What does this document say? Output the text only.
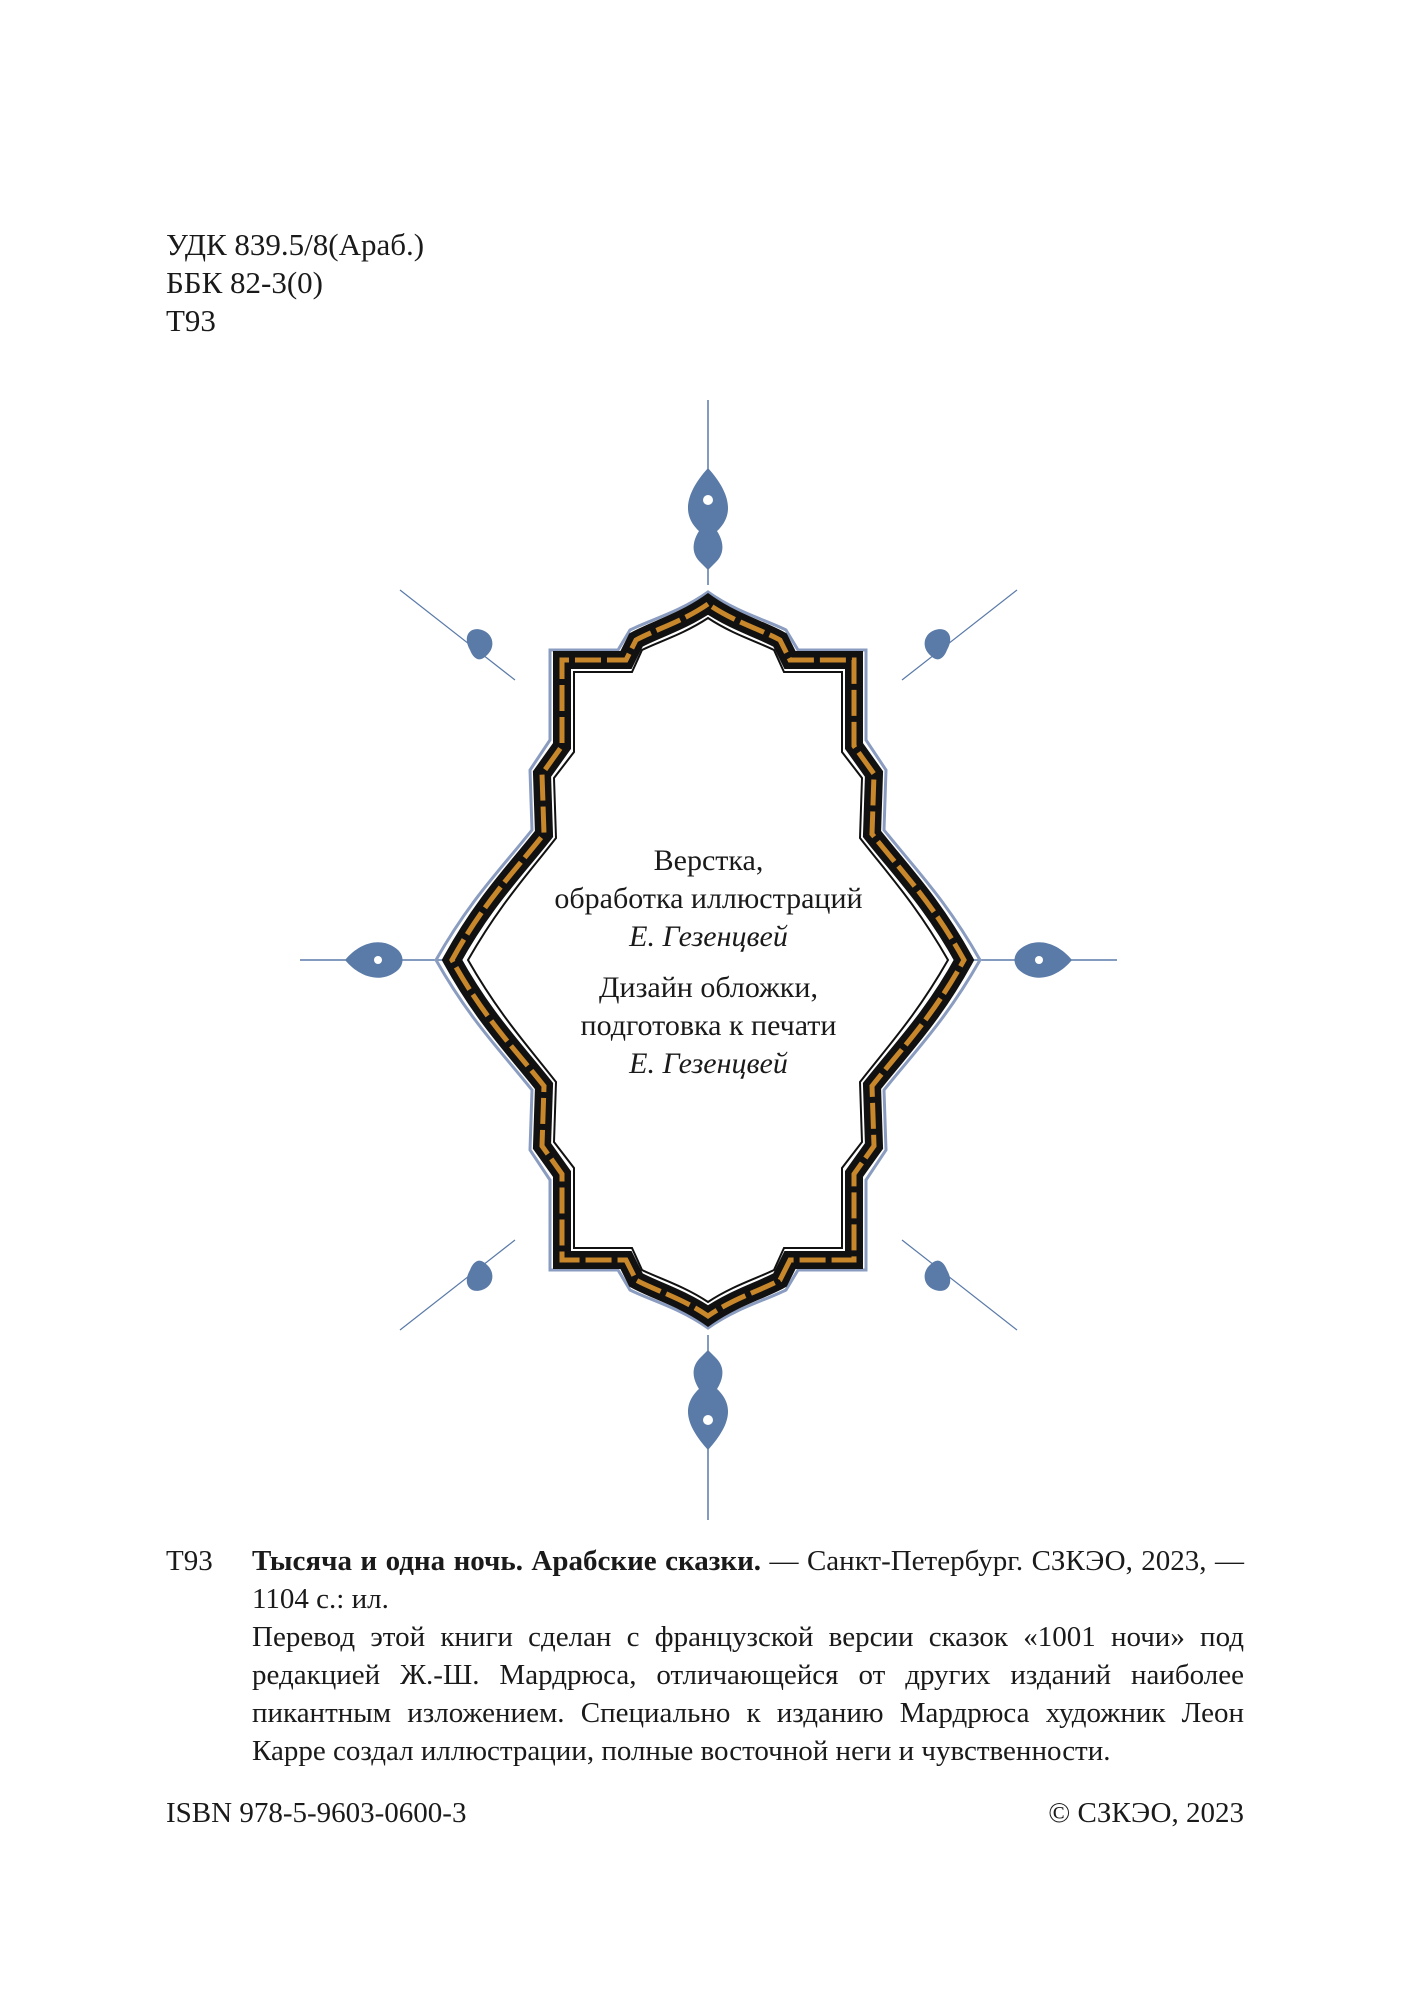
УДК 839.5/8(Араб.)
ББК 82-3(0)
Т93
Верстка,
обработка иллюстраций
Е. Гезенцвей
Дизайн обложки,
подготовка к печати
Е. Гезенцвей
Т93 Тысяча и одна ночь. Арабские сказки. — Санкт-Петербург. СЗКЭО, 2023, — 1104 с.: ил.
Перевод этой книги сделан с французской версии сказок «1001 ночи» под редакцией Ж.-Ш. Мардрюса, отличающейся от других изданий наиболее пикантным изложением. Специально к изданию Мардрюса художник Леон Карре создал иллюстрации, полные восточной неги и чувственности.
ISBN 978-5-9603-0600-3	© СЗКЭО, 2023
